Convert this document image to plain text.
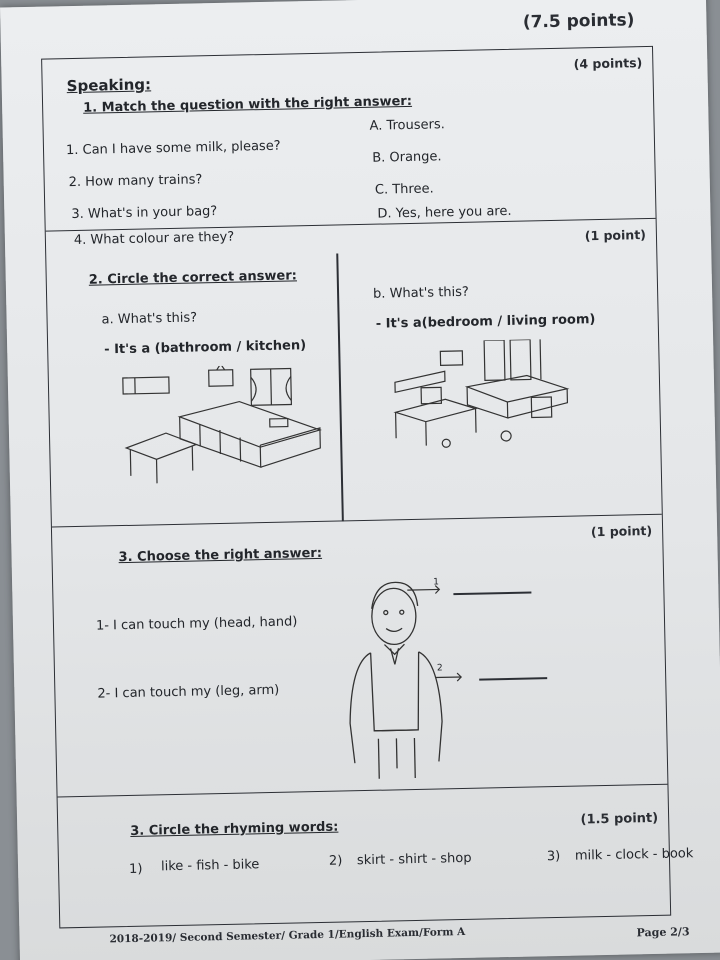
(7.5 points)
Speaking:
(4 points)
1. Match the question with the right answer:
1. Can I have some milk, please?
2. How many trains?
3. What's in your bag?
4. What colour are they?
A. Trousers.
B. Orange.
C. Three.
D. Yes, here you are.
(1 point)
2. Circle the correct answer:
a. What's this?
- It's a (bathroom / kitchen)
b. What's this?
- It's a(bedroom / living room)
(1 point)
3. Choose the right answer:
1- I can touch my (head, hand)
2- I can touch my (leg, arm)
1
2
3. Circle the rhyming words:
(1.5 point)
1) like - fish - bike	2) skirt - shirt - shop	3) milk - clock - book
2018-2019/ Second Semester/ Grade 1/English Exam/Form A	Page 2/3
